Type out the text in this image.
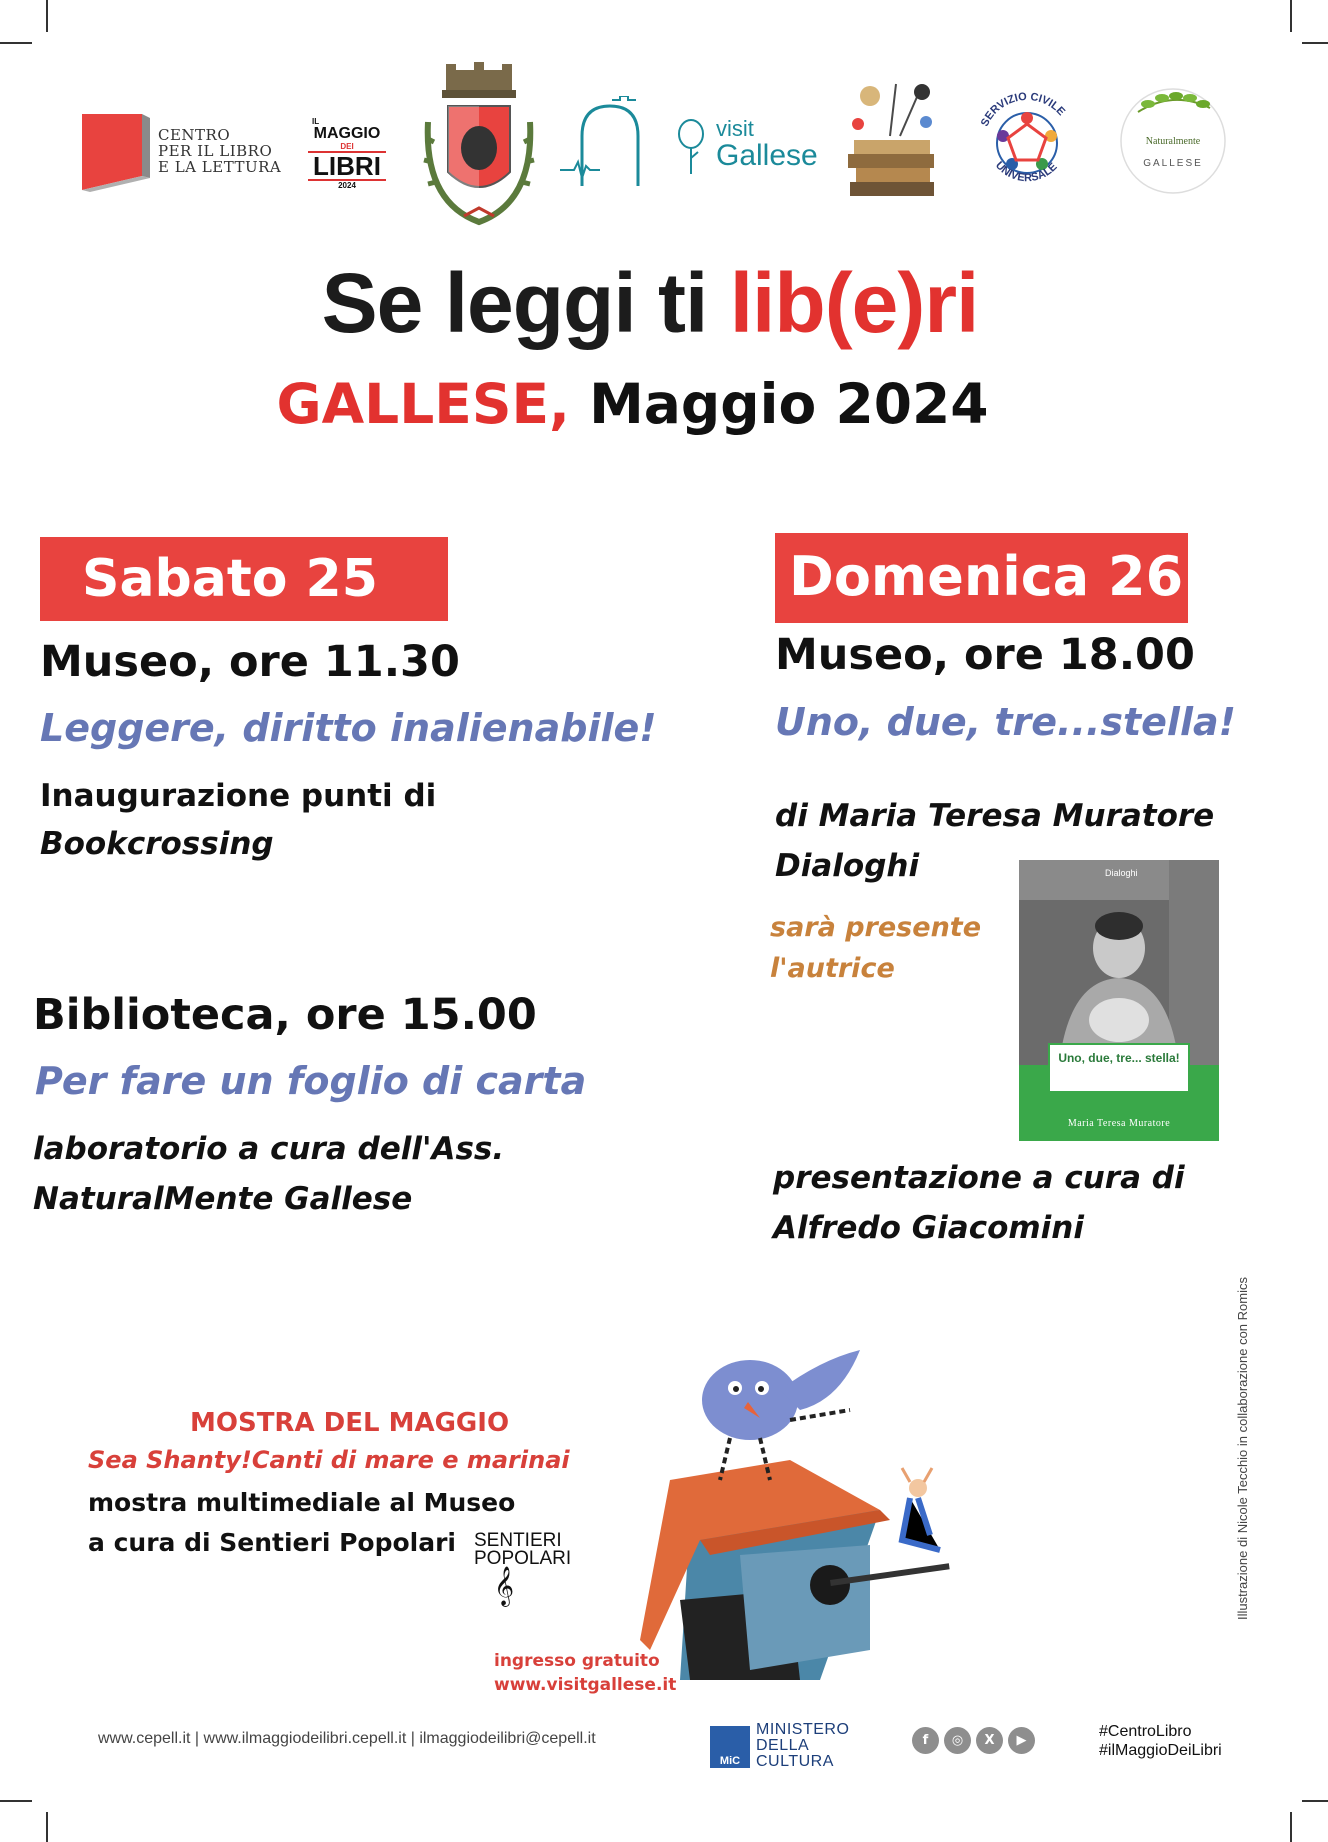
CENTRO
PER IL LIBRO
E LA LETTURA
IL
MAGGIO
DEI
LIBRI
2024
visit
Gallese
SERVIZIO CIVILE
UNIVERSALE
Naturalmente
GALLESE
Se leggi ti lib(e)ri
GALLESE, Maggio 2024
Sabato 25
Museo, ore 11.30
Leggere, diritto inalienabile!
Inaugurazione punti di
Bookcrossing
Biblioteca, ore 15.00
Per fare un foglio di carta
laboratorio a cura dell'Ass.
NaturalMente Gallese
Domenica 26
Museo, ore 18.00
Uno, due, tre...stella!
di Maria Teresa Muratore
Dialoghi
sarà presente
l'autrice
presentazione a cura di
Alfredo Giacomini
Dialoghi
Uno, due, tre... stella!
Maria Teresa Muratore
MOSTRA DEL MAGGIO
Sea Shanty!Canti di mare e marinai
mostra multimediale al Museo
a cura di Sentieri Popolari SENTIERI
POPOLARI
𝄞
ingresso gratuito
www.visitgallese.it
Illustrazione di Nicole Tecchio in collaborazione con Romics
www.cepell.it | www.ilmaggiodeilibri.cepell.it | ilmaggiodeilibri@cepell.it
MiC
MINISTERO
DELLA
CULTURA
f ◎ X ▶
#CentroLibro
#ilMaggioDeiLibri
